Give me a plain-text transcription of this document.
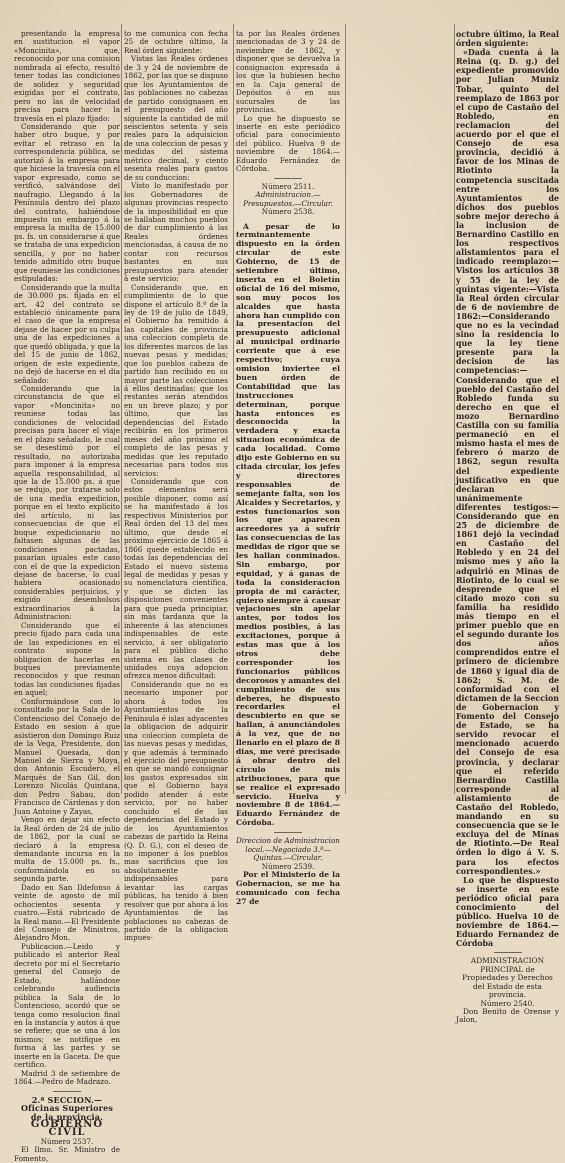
presentando la empresa en sustitucion el vapor «Moncinita», que, reconocido por una comision nombrada al efecto, resultó tener todas las condiciones de solidez y seguridad exigidas por el contrato, pero no las de velocidad precisa para hacer la travesía en el plazo fijado:

Considerando que por haber otro buque, y por evitar el retraso en la correspondencia pública, se autorizó á la empresa para que hiciese la travesía con el vapor expresado, como se verificó, salvándose del naufragio. Llegando á la Península dentro del plazo del contrato, habiéndose impuesto un embargo á la empresa la multa de 15.000 ps. fs. un considerarse á que se trataba de una expedicion sencilla, y por no haber tenido admitido otro buque que reuniese las condiciones estipuladas:

Considerando que la multa de 30.000 ps. fijada en el art. 42 del contrato se estableció únicamente para el caso de que la empresa dejase de hacer por su culpa una de las expediciones á que quedó obligada, y que la del 15 de junio de 1862, origen de este expediente, no dejó de hacerse en el dia señalado:

Considerando que la circunstancia de que el vapor «Moncinita» no reuniese todas las condiciones de velocidad precisas para hacer el viaje en el plazo señalado, le cual se desestimó por el resultado, no autorizaba para imponer á la empresa aquella responsabilidad, al que la de 15.000 ps. á que se redujo, por tratarse solo de una media expedicion, porque en el texto explícito del artículo, ni las consecuencias de que el buque expedicionario no faltasen algunas de las condiciones pactadas, pasarían iguales este caso con el de que la expedicion dejase de hacerse, lo cual habiera ocasionado considerables perjuicios, y exigido desembolsos extraordinarios á la Administracion:

Considerando que el precio fijado para cada una de las expediciones en el contrato supone la obligacion de hacerlas en buques previamente reconocidos y que reunan todas las condiciones fijadas en aquel;

Conformándose con lo consultado por la Sala de lo Contencioso del Consejo de Estado en sesion á que asistieron don Domingo Ruiz de la Vega, Presidente, don Manuel Quesada, don Manuel de Sierra y Moya, don Antonio Escudero, el Marqués de San Gil, don Lorenzo Nicolás Quintana, don Pedro Sabau, don Francisco de Cárdenas y don Juan Antoine y Zayas,

Vengo en dejar sin efecto la Real órden de 24 de julio de 1862, por la cual se declaró á la empresa demandante incursa en la multa de 15.000 ps. fs., conformándola en su segunda parte.

Dado en San Ildefonso á veinte de agosto de mil ochocientos sesenta y cuatro.—Está rubricado de la Real mano.—El Presidente del Consejo de Ministros, Alejandro Mon.

Publicacion.—Leido y publicado el anterior Real decreto por mí el Secretario general del Consejo de Estado, hallándose celebrando audiencia pública la Sala de lo Contencioso, acordó que se tenga como resolucion final en la instancia y autos á que se refiere; que se una á los mismos; se notifique en forma á las partes y se inserte en la Gaceta. De que certifico.

Madrid 3 de setiembre de 1864.—Pedro de Madrazo.

2.ª SECCION.—Oficinas Superiores de la provincia.

GOBIERNO CIVIL

Número 2537.

El Ilmo. Sr. Ministro de Fomento,

to me comunica con fecha 25 de octubre último, la Real órden siguiente:

Vistas las Reales órdenes de 3 y 24 de noviembre de 1862, por las que se dispuso que los Ayuntamientos de las poblaciones no cabezas de partido consignasen en el presupuesto del año siguiente la cantidad de mil seiscientos setenta y seis reales para la adquisicion de una coleccion de pesas y medidas del sistema métrico decimal, y ciento sesenta reales para gastos de su conduccion:

Visto lo manifestado por los Gobernadores de algunas provincias respecto de la imposibilidad en que se hallaban muchos pueblos de dar cumplimiento á las Reales órdenes mencionadas, á causa de no contar con recursos bastantes en sus presupuestos para atender á este servicio:

Considerando que, en cumplimiento de lo que dispone el artículo 8.º de la ley de 19 de julio de 1849, el Gobierno ha remitido á las capitales de provincia una coleccion completa de los diferentes marcos de las nuevas pesas y medidas; que los pueblos cabeza de partido han recibido en su mayor parte las colecciones á ellos destinadas; que los restantes serán atendidos en un breve plazo; y por último, que las dependencias del Estado recibirán en los primeros meses del año próximo el completo de las pesas y medidas que les reputado necesarias para todos sus servicios:

Considerando que con estos elementos será posible disponer, como así se ha manifestado á los respectivos Ministerios por Real órden del 13 del mes último, que desde el próximo ejercicio de 1865 á 1866 quede establecido en todas las dependencias del Estado el nuevo sistema legal de medidas y pesas y su nomenclatura científica, y que se dicten las disposiciones convenientes para que pueda principiar, sin más tardanza que la inherente á las atenciones indispensables de este servicio, á ser obligatorio para el público dicho sistema en las clases de unidades cuya adopcion ofrezca menos dificultad:

Considerando que no es necesario imponer por ahora á todos los Ayuntamientos de la Península é islas adyacentes la obligacion de adquirir una coleccion completa de las nuevas pesas y medidas, y que además á terminado el ejercicio del presupuesto en que se mandó consignar los gastos expresados sin que el Gobierno haya podido atender á este servicio, por no haber concluido el de las dependencias del Estado y de los Ayuntamientos cabezas de partido la Reina (Q. D. G.), con el deseo de no imponer á los pueblos mas sacrificios que los absolutamente indispensables para levantar las cargas públicas, ha tenido á bien resolver que por ahora á los Ayuntamientos de las poblaciones no cabezas de partido de la obligacion impues-

ta por las Reales órdenes mencionadas de 3 y 24 de noviembre de 1862, y disponer que se devuelva la consignacion expresada á los que la hubiesen hecho en la Caja general de Depósitos ó en sus sucursales de las provincias.

Lo que he dispuesto se inserte en este periódico oficial para conocimiento del público. Huelva 9 de noviembre de 1864.—Eduardo Fernández de Córdoba.

Número 2511.

Administracion.—Presupuestos.—Circular.

Número 2538.

A pesar de lo terminantemente dispuesto en la órden circular de este Gobierno, de 15 de setiembre último, inserta en el Boletín oficial de 16 del mismo, son muy pocos los alcaldes que hasta ahora han cumplido con la presentacion del presupuesto adicional al municipal ordinario corriente que á ese respectivo; cuya omision inviertee el buen órden de Contabilidad que las instrucciones determinan, porque hasta entonces es desconocida la verdadera y exacta situacion económica de cada localidad. Como dijo este Gobierno en su citada circular, los jefes y directores responsables de semejante falta, son los Alcaldes y Secretarios, y estos funcionarios son los que aparecen acreedores ya á sufrir las consecuencias de las medidas de rigor que se les hallan conminados. Sin embargo, por equidad, y á ganas de toda la consideracion propia de mi carácter, quiero siempre á causar vejaciones sin apelar antes, por todos los medios posibles, á las excitaciones, porque á estas mas que á los otros debe corresponder los funcionarios públicos decorosos y amantes del cumplimiento de sus deberes, he dispuesto recordarles el descubierto en que se hallan, á anunciándoles á la vez, que de no llenarlo en el plazo de 8 dias, me veré precisado á obrar dentro del círculo de mis atribuciones, para que se realice el expresado servicio. Huelva y noviembre 8 de 1864.—Eduardo Fernández de Córdoba.

Direccion de Administracion local.—Negociado 3.º—Quintas.—Circular.

Número 2539.

Por el Ministerio de la Gobernacion, se me ha comunicado con fecha 27 de

octubre último, la Real órden siguiente:

«Dada cuenta á la Reina (q. D. g.) del expediente promovido por Julian Muniz Tobar, quinto del reemplazo de 1863 por el cupo de Castaño del Robledo, en reclamacion del acuerdo por el que el Consejo de esa provincia, decidió á favor de los Minas de Riotinto la competencia suscitada entre los Ayuntamientos de dichos dos pueblos sobre mejor derecho á la inclusion de Bernardino Castillo en los respectivos alistamientos para el indicado reemplazo:—Vistos los artículos 38 y 55 de la ley de quintas vigente:—Vista la Real órden circular de 6 de noviembre de 1862:—Considerando que no es la vecindad sino la residencia lo que la ley tiene presente para la decision de las competencias:—Considerando que el pueblo del Castaño del Robledo funda su derecho en que el mozo Bernardino Castilla con su familia permaneció en el mismo hasta el mes de febrero ó marzo de 1862, segun resulta del expediente justificativo en que declaran unánimemente diferentes testigos:—Considerando que en 25 de diciembre de 1861 dejó la vecindad en Castaño del Robledo y en 24 del mismo mes y año la adquirió en Minas de Riotinto, de lo cual se desprende que el citado mozo con su familia ha residido más tiempo en el primer pueblo que en el segundo durante los dos años comprendidos entre el primero de diciembre de 1860 y igual dia de 1862; S. M. de conformidad con el dictamen de la Seccion de Gobernacion y Fomento del Consejo de Estado, se ha servido revocar el mencionado acuerdo del Consejo de esa provincia, y declarar que el referido Bernardino Castilla corresponde al alistamiento de Castaño del Robledo, mandando en su consecuencia que se le excluya del de Minas de Riotinto.—De Real órden lo digo á V. S. para los efectos correspondientes.»

Lo que he dispuesto se inserte en este periódico oficial para conocimiento del público. Huelva 10 de noviembre de 1864.—Eduardo Fernandez de Córdoba

ADMINISTRACION PRINCIPAL de Propiedades y Derechos del Estado de esta provincia.

Número 2540.

Don Benito de Orense y Jalon,
